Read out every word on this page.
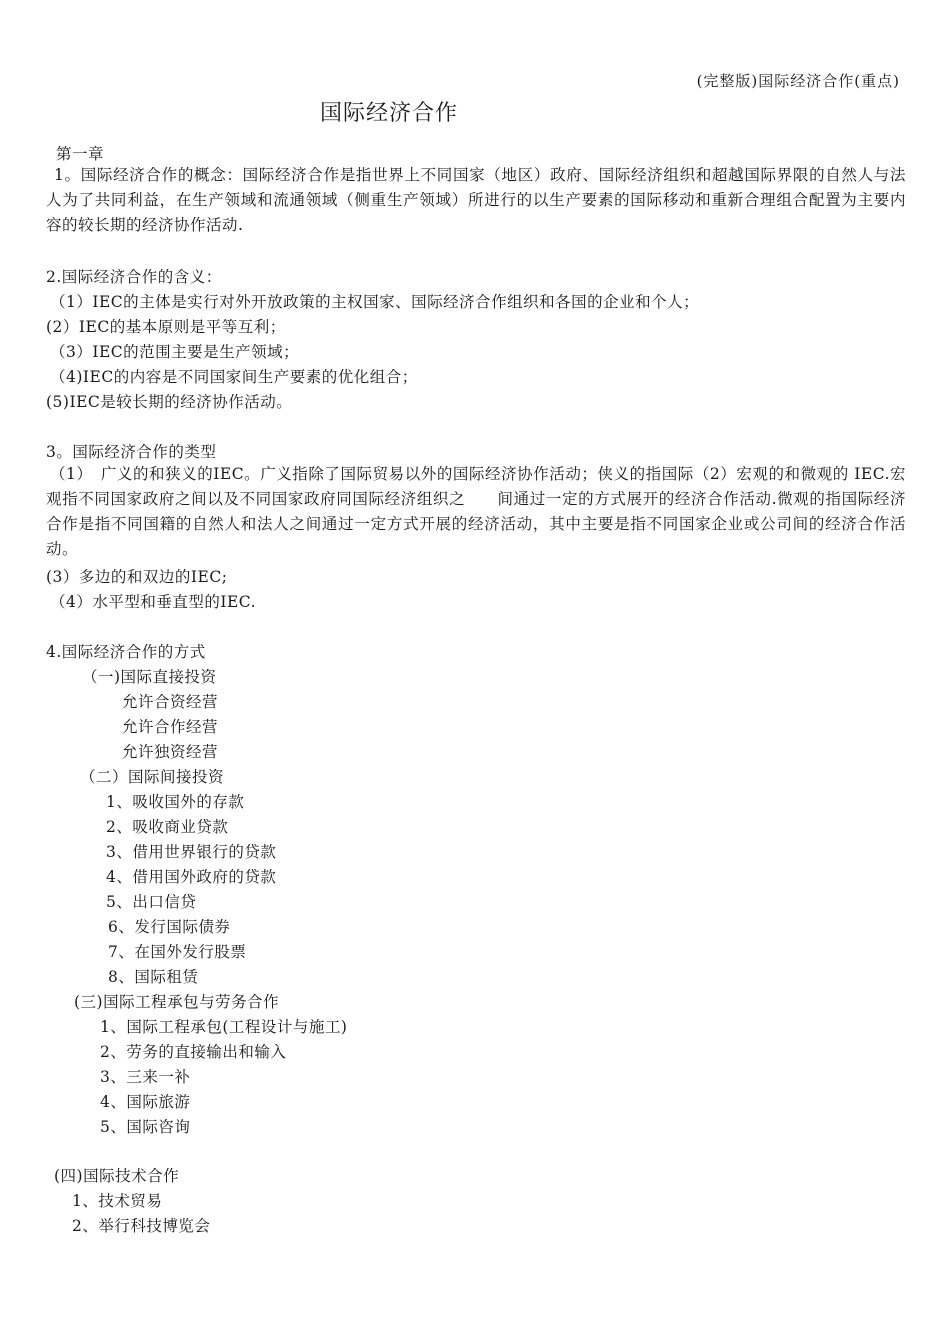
(完整版)国际经济合作(重点)
国际经济合作
第一章
1。国际经济合作的概念：国际经济合作是指世界上不同国家（地区）政府、国际经济组织和超越国际界限的自然人与法人为了共同利益，在生产领域和流通领域（侧重生产领域）所进行的以生产要素的国际移动和重新合理组合配置为主要内容的较长期的经济协作活动.
2.国际经济合作的含义：
（1）IEC的主体是实行对外开放政策的主权国家、国际经济合作组织和各国的企业和个人；
(2）IEC的基本原则是平等互利；
（3）IEC的范围主要是生产领域；
（4)IEC的内容是不同国家间生产要素的优化组合；
(5)IEC是较长期的经济协作活动。
3。国际经济合作的类型
（1）　广义的和狭义的IEC。广义指除了国际贸易以外的国际经济协作活动；侠义的指国际（2）宏观的和微观的 IEC.宏观指不同国家政府之间以及不同国家政府同国际经济组织之　　间通过一定的方式展开的经济合作活动.微观的指国际经济合作是指不同国籍的自然人和法人之间通过一定方式开展的经济活动，其中主要是指不同国家企业或公司间的经济合作活动。
(3）多边的和双边的IEC;
（4）水平型和垂直型的IEC.
4.国际经济合作的方式
（一)国际直接投资
允许合资经营
允许合作经营
允许独资经营
（二）国际间接投资
1、吸收国外的存款
2、吸收商业贷款
3、借用世界银行的贷款
4、借用国外政府的贷款
5、出口信贷
6、发行国际债券
7、在国外发行股票
8、国际租赁
(三)国际工程承包与劳务合作
1、国际工程承包(工程设计与施工)
2、劳务的直接输出和输入
3、三来一补
4、国际旅游
5、国际咨询
(四)国际技术合作
1、技术贸易
2、举行科技博览会
